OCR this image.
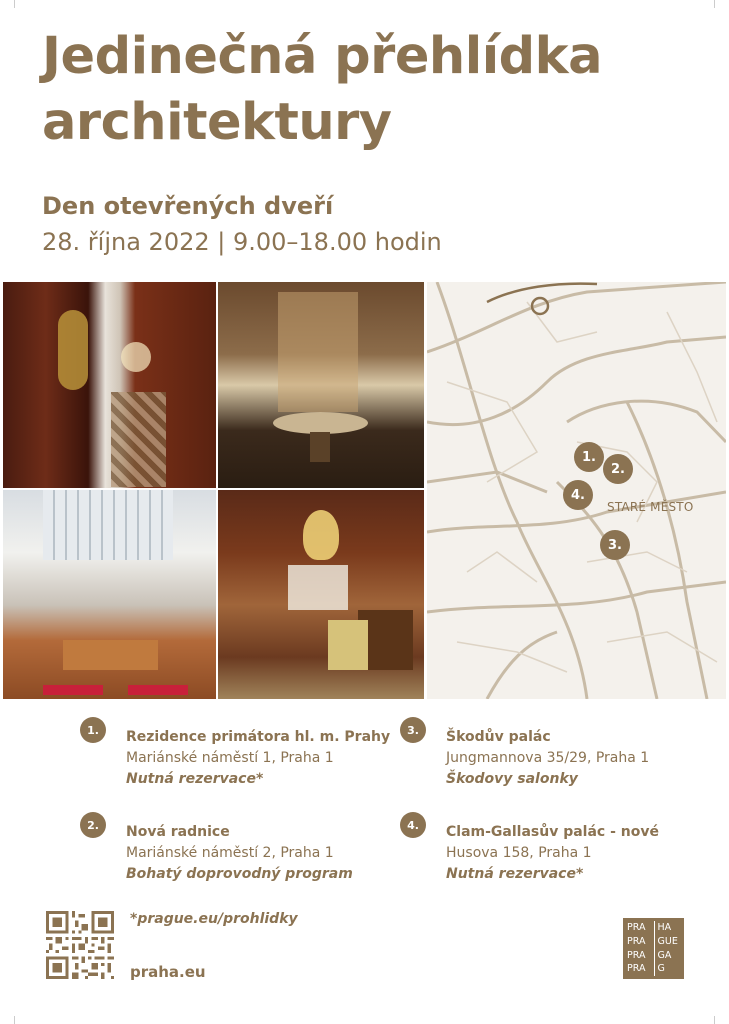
Jedinečná přehlídka
architektury
Den otevřených dveří
28. října 2022 | 9.00–18.00 hodin
1.
2.
4.
3.
STARÉ MĚSTO
1.	Rezidence primátora hl. m. Prahy
Mariánské náměstí 1, Praha 1
Nutná rezervace*
2.	Nová radnice
Mariánské náměstí 2, Praha 1
Bohatý doprovodný program
3.	Škodův palác
Jungmannova 35/29, Praha 1
Škodovy salonky
4.	Clam-Gallasův palác - nové
Husova 158, Praha 1
Nutná rezervace*
*prague.eu/prohlidky
praha.eu
PRA	HA
PRA	GUE
PRA	GA
PRA	G
